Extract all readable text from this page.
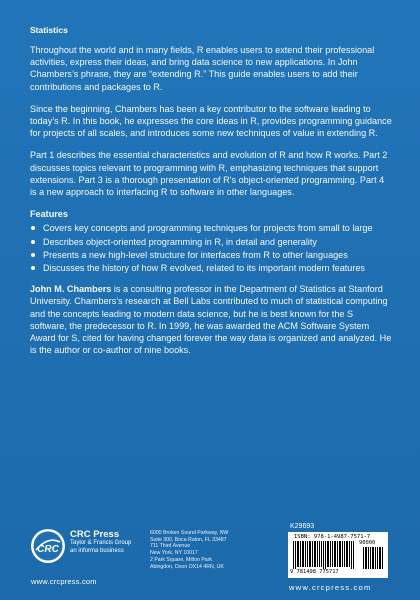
Statistics

Throughout the world and in many fields, R enables users to extend their professional activities, express their ideas, and bring data science to new applications. In John Chambers’s phrase, they are “extending R.” This guide enables users to add their contributions and packages to R.

Since the beginning, Chambers has been a key contributor to the software leading to today’s R. In this book, he expresses the core ideas in R, provides programming guidance for projects of all scales, and introduces some new techniques of value in extending R.

Part 1 describes the essential characteristics and evolution of R and how R works. Part 2 discusses topics relevant to programming with R, emphasizing techniques that support extensions. Part 3 is a thorough presentation of R’s object-oriented programming. Part 4 is a new approach to interfacing R to software in other languages.

Features
Covers key concepts and programming techniques for projects from small to large
Describes object-oriented programming in R, in detail and generality
Presents a new high-level structure for interfaces from R to other languages
Discusses the history of how R evolved, related to its important modern features

John M. Chambers is a consulting professor in the Department of Statistics at Stanford University. Chambers’s research at Bell Labs contributed to much of statistical computing and the concepts leading to modern data science, but he is best known for the S software, the predecessor to R. In 1999, he was awarded the ACM Software System Award for S, cited for having changed forever the way data is organized and analyzed. He is the author or co-author of nine books.

CRC
CRC Press
Taylor & Francis Group
an informa business
www.crcpress.com
6000 Broken Sound Parkway, NW
Suite 300, Boca Raton, FL 33487
711 Third Avenue
New York, NY 10017
2 Park Square, Milton Park
Abingdon, Oxon OX14 4RN, UK
K29693
ISBN: 978-1-4987-7571-7
90000
9 781498 775717
www.crcpress.com
